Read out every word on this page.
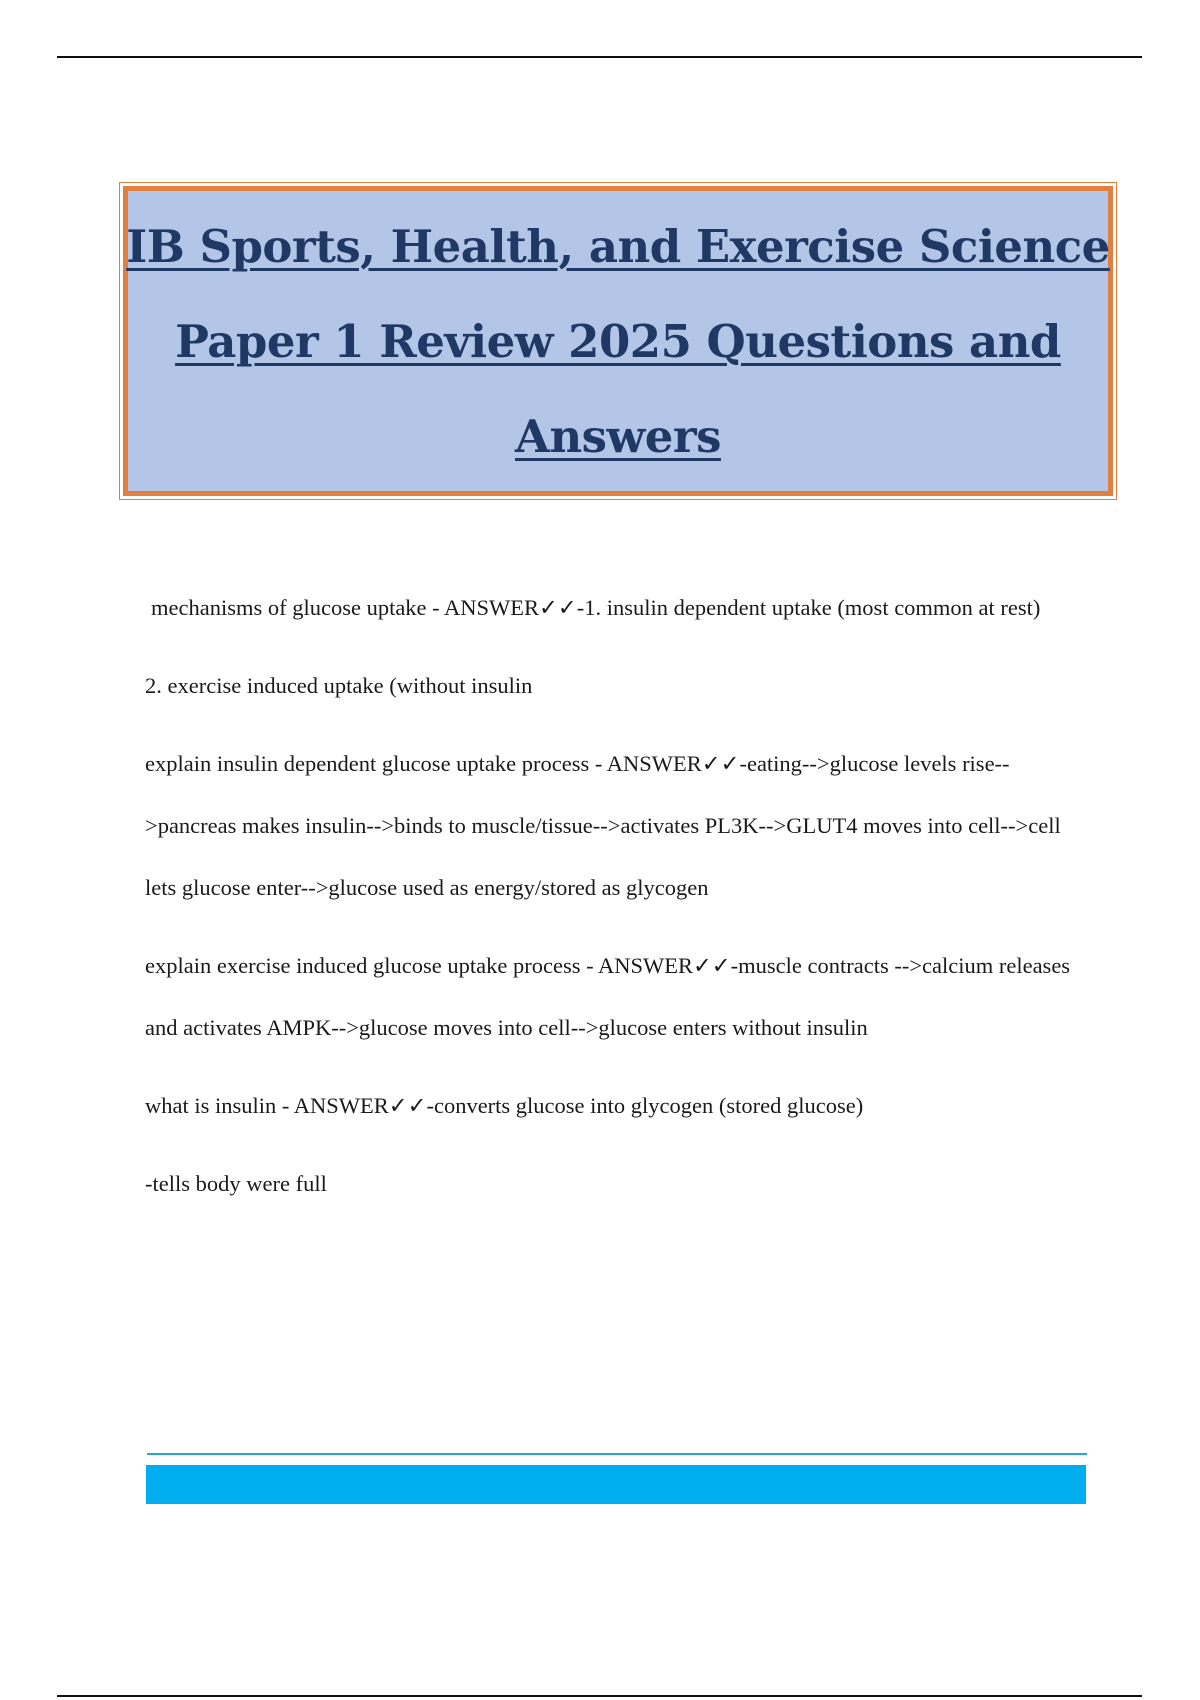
IB Sports, Health, and Exercise Science
Paper 1 Review 2025 Questions and
Answers

mechanisms of glucose uptake - ANSWER✓✓-1. insulin dependent uptake (most common at rest)

2. exercise induced uptake (without insulin

explain insulin dependent glucose uptake process - ANSWER✓✓-eating-->glucose levels rise-->pancreas makes insulin-->binds to muscle/tissue-->activates PL3K-->GLUT4 moves into cell-->cell lets glucose enter-->glucose used as energy/stored as glycogen

explain exercise induced glucose uptake process - ANSWER✓✓-muscle contracts -->calcium releases and activates AMPK-->glucose moves into cell-->glucose enters without insulin

what is insulin - ANSWER✓✓-converts glucose into glycogen (stored glucose)

-tells body were full
